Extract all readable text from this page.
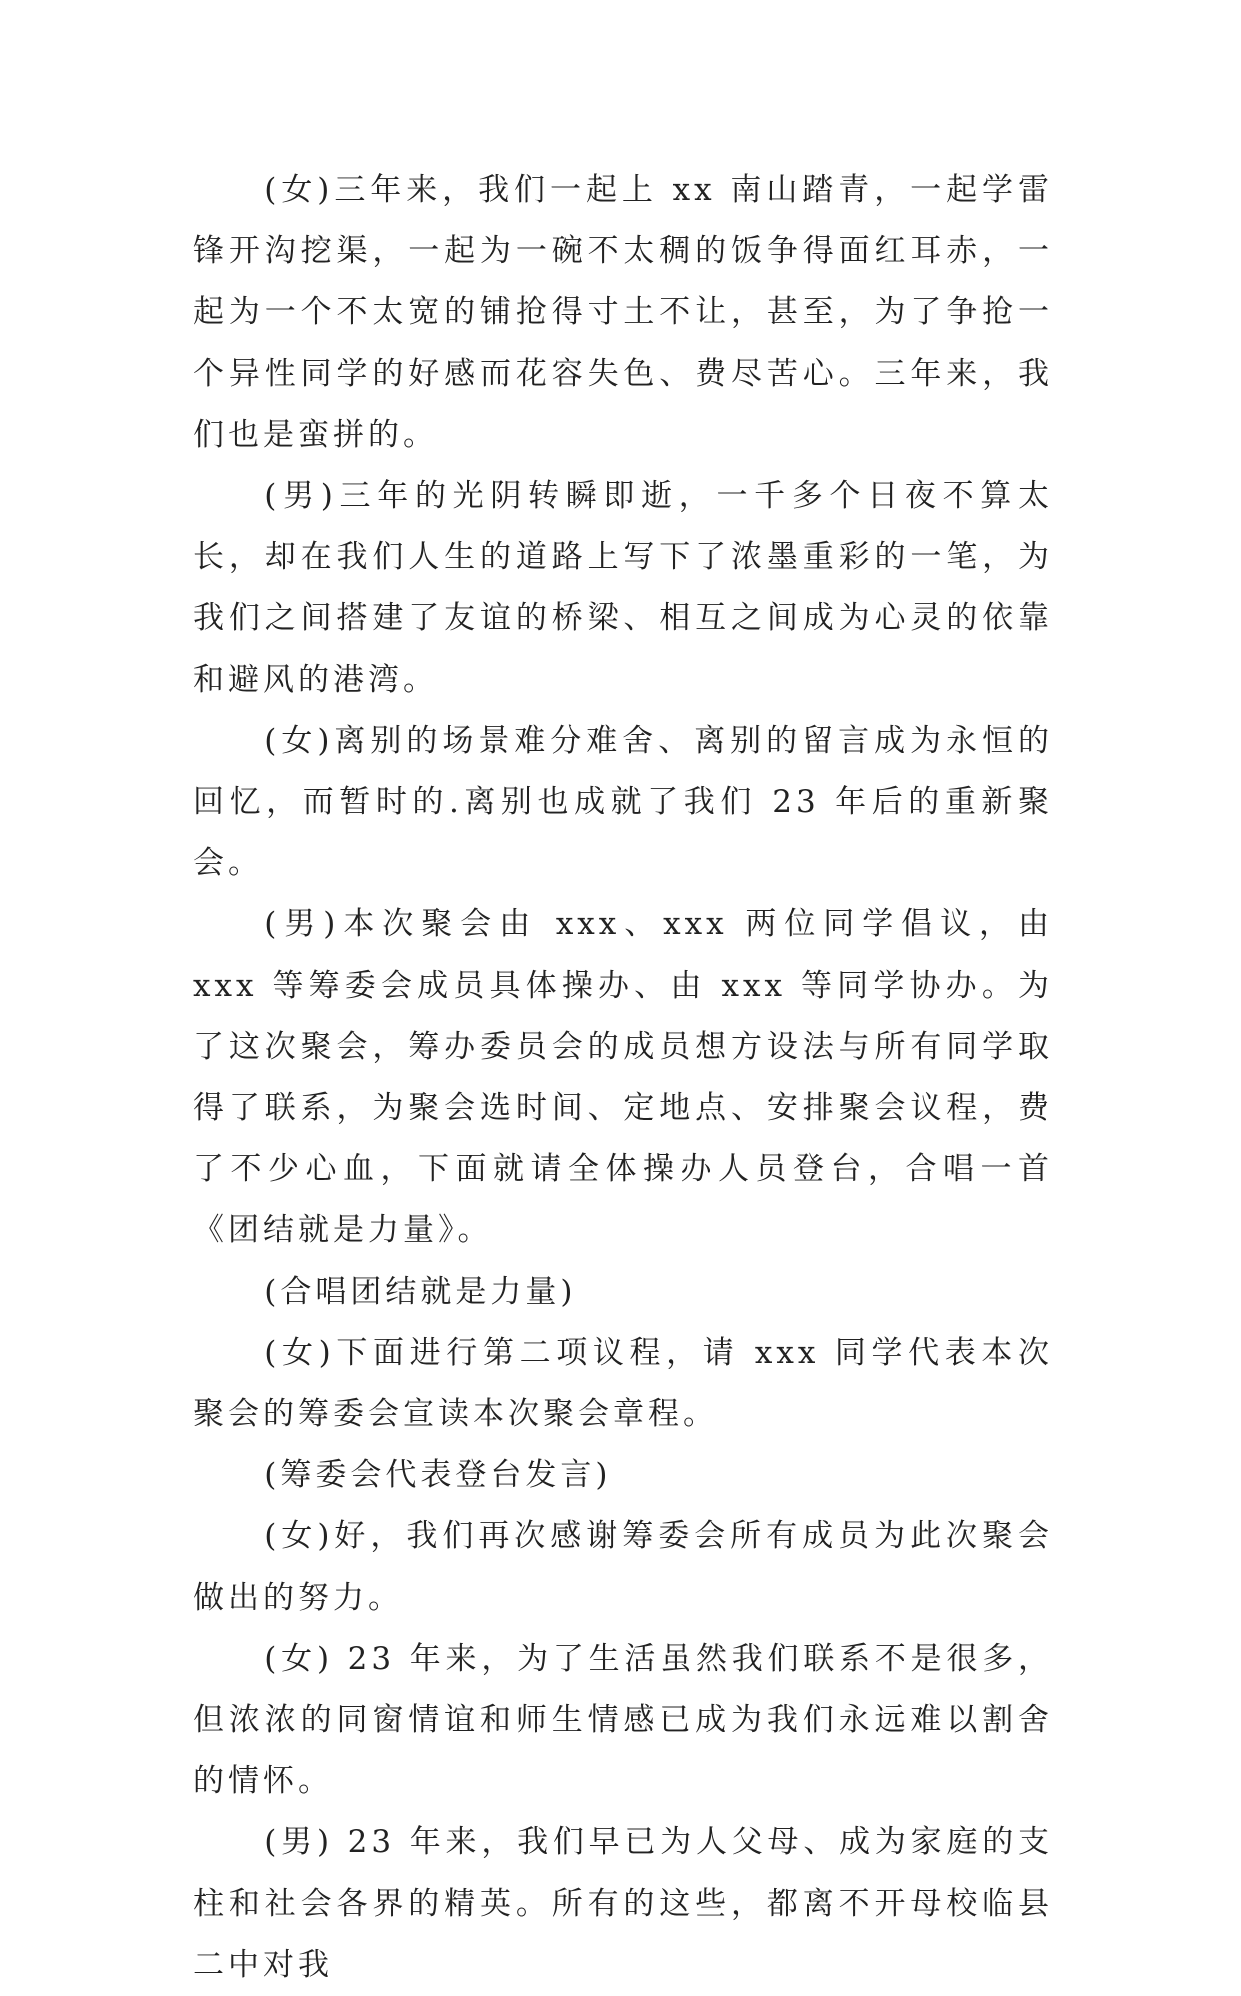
(女)三年来，我们一起上 xx 南山踏青，一起学雷锋开沟挖渠，一起为一碗不太稠的饭争得面红耳赤，一起为一个不太宽的铺抢得寸土不让，甚至，为了争抢一个异性同学的好感而花容失色、费尽苦心。三年来，我们也是蛮拼的。

(男)三年的光阴转瞬即逝，一千多个日夜不算太长，却在我们人生的道路上写下了浓墨重彩的一笔，为我们之间搭建了友谊的桥梁、相互之间成为心灵的依靠和避风的港湾。

(女)离别的场景难分难舍、离别的留言成为永恒的回忆，而暂时的.离别也成就了我们 23 年后的重新聚会。

(男)本次聚会由 xxx、xxx 两位同学倡议，由 xxx 等筹委会成员具体操办、由 xxx 等同学协办。为了这次聚会，筹办委员会的成员想方设法与所有同学取得了联系，为聚会选时间、定地点、安排聚会议程，费了不少心血，下面就请全体操办人员登台，合唱一首《团结就是力量》。

(合唱团结就是力量)

(女)下面进行第二项议程，请 xxx 同学代表本次聚会的筹委会宣读本次聚会章程。

(筹委会代表登台发言)

(女)好，我们再次感谢筹委会所有成员为此次聚会做出的努力。

(女) 23 年来，为了生活虽然我们联系不是很多，但浓浓的同窗情谊和师生情感已成为我们永远难以割舍的情怀。

(男) 23 年来，我们早已为人父母、成为家庭的支柱和社会各界的精英。所有的这些，都离不开母校临县二中对我
